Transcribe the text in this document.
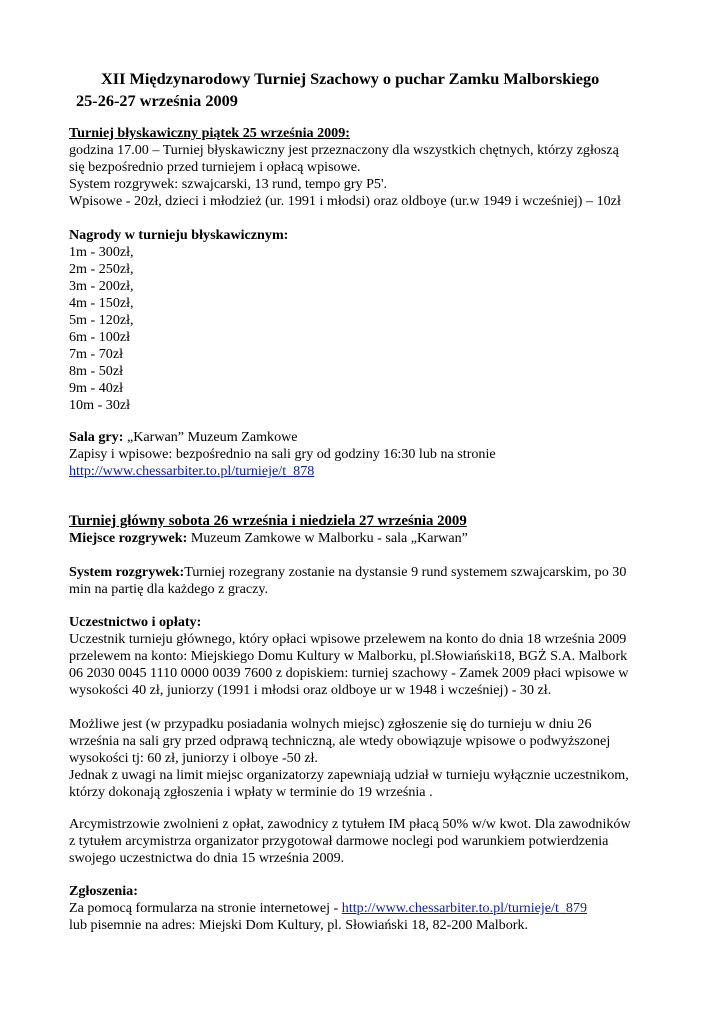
XII Międzynarodowy Turniej Szachowy o puchar Zamku Malborskiego
25-26-27 września 2009
Turniej błyskawiczny piątek 25 września 2009:
godzina 17.00 – Turniej błyskawiczny jest przeznaczony dla wszystkich chętnych, którzy zgłoszą
się bezpośrednio przed turniejem i opłacą wpisowe.
System rozgrywek: szwajcarski, 13 rund, tempo gry P5'.
Wpisowe - 20zł, dzieci i młodzież (ur. 1991 i młodsi) oraz oldboye (ur.w 1949 i wcześniej) – 10zł
Nagrody w turnieju błyskawicznym:
1m - 300zł,
2m - 250zł,
3m - 200zł,
4m - 150zł,
5m - 120zł,
6m - 100zł
7m - 70zł
8m - 50zł
9m - 40zł
10m - 30zł
Sala gry: „Karwan” Muzeum Zamkowe
Zapisy i wpisowe: bezpośrednio na sali gry od godziny 16:30 lub na stronie
http://www.chessarbiter.to.pl/turnieje/t_878
Turniej główny sobota 26 września i niedziela 27 września 2009
Miejsce rozgrywek: Muzeum Zamkowe w Malborku - sala „Karwan”
System rozgrywek:Turniej rozegrany zostanie na dystansie 9 rund systemem szwajcarskim, po 30
min na partię dla każdego z graczy.
Uczestnictwo i opłaty:
Uczestnik turnieju głównego, który opłaci wpisowe przelewem na konto do dnia 18 września 2009
przelewem na konto: Miejskiego Domu Kultury w Malborku, pl.Słowiański18, BGŻ S.A. Malbork
06 2030 0045 1110 0000 0039 7600 z dopiskiem: turniej szachowy - Zamek 2009 płaci wpisowe w
wysokości 40 zł, juniorzy (1991 i młodsi oraz oldboye ur w 1948 i wcześniej) - 30 zł.
Możliwe jest (w przypadku posiadania wolnych miejsc) zgłoszenie się do turnieju w dniu 26
września na sali gry przed odprawą techniczną, ale wtedy obowiązuje wpisowe o podwyższonej
wysokości tj: 60 zł, juniorzy i olboye -50 zł.
Jednak z uwagi na limit miejsc organizatorzy zapewniają udział w turnieju wyłącznie uczestnikom,
którzy dokonają zgłoszenia i wpłaty w terminie do 19 września .
Arcymistrzowie zwolnieni z opłat, zawodnicy z tytułem IM płacą 50% w/w kwot. Dla zawodników
z tytułem arcymistrza organizator przygotował darmowe noclegi pod warunkiem potwierdzenia
swojego uczestnictwa do dnia 15 września 2009.
Zgłoszenia:
Za pomocą formularza na stronie internetowej - http://www.chessarbiter.to.pl/turnieje/t_879
lub pisemnie na adres: Miejski Dom Kultury, pl. Słowiański 18, 82-200 Malbork.
